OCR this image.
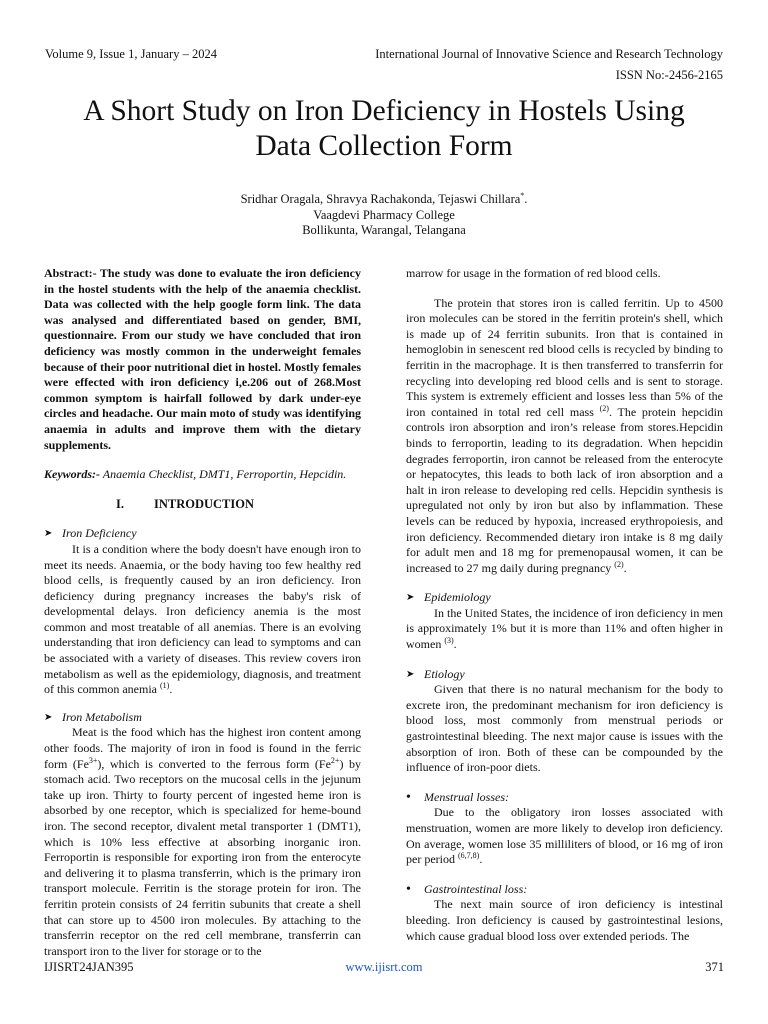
Volume 9, Issue 1, January – 2024	International Journal of Innovative Science and Research Technology
ISSN No:-2456-2165
A Short Study on Iron Deficiency in Hostels Using
Data Collection Form
Sridhar Oragala, Shravya Rachakonda, Tejaswi Chillara*.
Vaagdevi Pharmacy College
Bollikunta, Warangal, Telangana

Abstract:- The study was done to evaluate the iron deficiency in the hostel students with the help of the anaemia checklist. Data was collected with the help google form link. The data was analysed and differentiated based on gender, BMI, questionnaire. From our study we have concluded that iron deficiency was mostly common in the underweight females because of their poor nutritional diet in hostel. Mostly females were effected with iron deficiency i,e.206 out of 268.Most common symptom is hairfall followed by dark under-eye circles and headache. Our main moto of study was identifying anaemia in adults and improve them with the dietary supplements.

Keywords:- Anaemia Checklist, DMT1, Ferroportin, Hepcidin.

I.	INTRODUCTION
➤ Iron Deficiency

It is a condition where the body doesn't have enough iron to meet its needs. Anaemia, or the body having too few healthy red blood cells, is frequently caused by an iron deficiency. Iron deficiency during pregnancy increases the baby's risk of developmental delays. Iron deficiency anemia is the most common and most treatable of all anemias. There is an evolving understanding that iron deficiency can lead to symptoms and can be associated with a variety of diseases. This review covers iron metabolism as well as the epidemiology, diagnosis, and treatment of this common anemia $^{(1)}$.

➤ Iron Metabolism

Meat is the food which has the highest iron content among other foods. The majority of iron in food is found in the ferric form $(Fe^{3+})$, which is converted to the ferrous form $(Fe^{2+})$ by stomach acid. Two receptors on the mucosal cells in the jejunum take up iron. Thirty to fourty percent of ingested heme iron is absorbed by one receptor, which is specialized for heme-bound iron. The second receptor, divalent metal transporter 1 (DMT1), which is 10% less effective at absorbing inorganic iron. Ferroportin is responsible for exporting iron from the enterocyte and delivering it to plasma transferrin, which is the primary iron transport molecule. Ferritin is the storage protein for iron. The ferritin protein consists of 24 ferritin subunits that create a shell that can store up to 4500 iron molecules. By attaching to the transferrin receptor on the red cell membrane, transferrin can transport iron to the liver for storage or to the

marrow for usage in the formation of red blood cells.

The protein that stores iron is called ferritin. Up to 4500 iron molecules can be stored in the ferritin protein's shell, which is made up of 24 ferritin subunits. Iron that is contained in hemoglobin in senescent red blood cells is recycled by binding to ferritin in the macrophage. It is then transferred to transferrin for recycling into developing red blood cells and is sent to storage. This system is extremely efficient and losses less than 5% of the iron contained in total red cell mass $^{(2)}$. The protein hepcidin controls iron absorption and iron’s release from stores.Hepcidin binds to ferroportin, leading to its degradation. When hepcidin degrades ferroportin, iron cannot be released from the enterocyte or hepatocytes, this leads to both lack of iron absorption and a halt in iron release to developing red cells. Hepcidin synthesis is upregulated not only by iron but also by inflammation. These levels can be reduced by hypoxia, increased erythropoiesis, and iron deficiency. Recommended dietary iron intake is 8 mg daily for adult men and 18 mg for premenopausal women, it can be increased to 27 mg daily during pregnancy $^{(2)}$.

➤ Epidemiology

In the United States, the incidence of iron deficiency in men is approximately 1% but it is more than 11% and often higher in women $^{(3)}$.

➤ Etiology

Given that there is no natural mechanism for the body to excrete iron, the predominant mechanism for iron deficiency is blood loss, most commonly from menstrual periods or gastrointestinal bleeding. The next major cause is issues with the absorption of iron. Both of these can be compounded by the influence of iron-poor diets.

•	Menstrual losses:

Due to the obligatory iron losses associated with menstruation, women are more likely to develop iron deficiency. On average, women lose 35 milliliters of blood, or 16 mg of iron per period $^{(6,7,8)}$.

•	Gastrointestinal loss:

The next main source of iron deficiency is intestinal bleeding. Iron deficiency is caused by gastrointestinal lesions, which cause gradual blood loss over extended periods. The

IJISRT24JAN395	www.ijisrt.com	371
